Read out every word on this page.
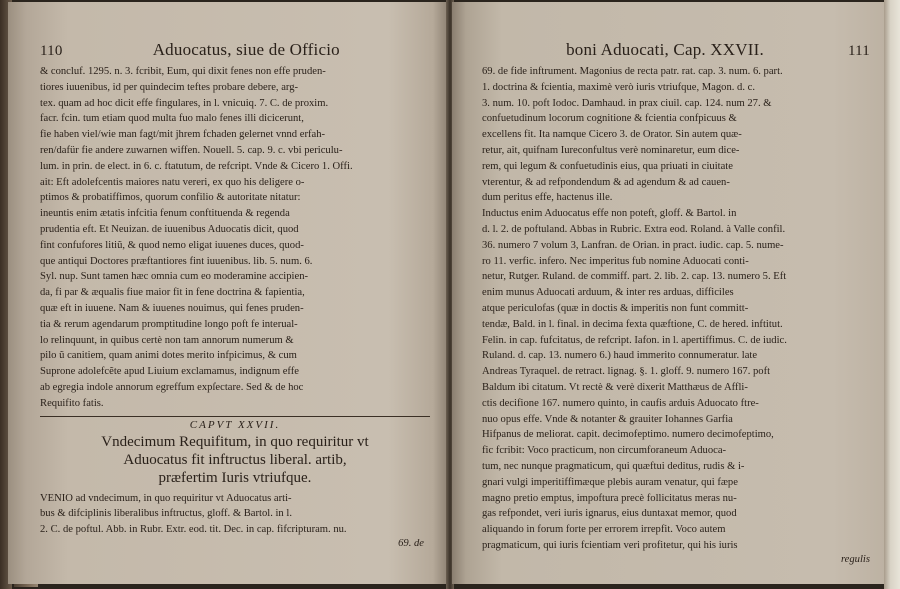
110	Aduocatus, siue de Officio
& concluf. 1295. n. 3. fcribit, Eum, qui dixit fenes non effe pruden-
tiores iuuenibus, id per quindecim teftes probare debere, arg-
tex. quam ad hoc dicit effe fingulares, in l. vnicuiq. 7. C. de proxim.
facr. fcin. tum etiam quod multa fuo malo fenes illi dicicerunt,
fie haben viel/wie man fagt/mit jhrem fchaden gelernet vnnd erfah-
ren/dafür fie andere zuwarnen wiffen. Nouell. 5. cap. 9. c. vbi periculu-
lum. in prin. de elect. in 6. c. ftatutum, de refcript. Vnde & Cicero 1. Offi.
ait: Eft adolefcentis maiores natu vereri, ex quo his deligere o-
ptimos & probatiffimos, quorum confilio & autoritate nitatur:
ineuntis enim ætatis infcitia fenum conftituenda & regenda
prudentia eft. Et Neuizan. de iuuenibus Aduocatis dicit, quod
fint confufores litiũ, & quod nemo eligat iuuenes duces, quod-
que antiqui Doctores præftantiores fint iuuenibus. lib. 5. num. 6.
Syl. nup. Sunt tamen hæc omnia cum eo moderamine accipien-
da, fi par & æqualis fiue maior fit in fene doctrina & fapientia,
quæ eft in iuuene. Nam & iuuenes nouimus, qui fenes pruden-
tia & rerum agendarum promptitudine longo poft fe interual-
lo relinquunt, in quibus certè non tam annorum numerum &
pilo ũ canitiem, quam animi dotes merito infpicimus, & cum
Suprone adolefcẽte apud Liuium exclamamus, indignum effe
ab egregia indole annorum egreffum expſectare. Sed & de hoc
Requifito fatis.
CAPVT XXVII.
Vndecimum Requifitum, in quo requiritur vt
Aduocatus fit inftructus liberal. artib,
præfertim Iuris vtriufque.
VENIO ad vndecimum, in quo requiritur vt Aduocatus arti-
bus & difciplinis liberalibus inftructus, gloff. & Bartol. in l.
2. C. de poftul. Abb. in Rubr. Extr. eod. tit. Dec. in cap. fifcripturam. nu.
69. de
boni Aduocati, Cap. XXVII.	111
69. de fide inftrument. Magonius de recta patr. rat. cap. 3. num. 6. part.
1. doctrina & fcientia, maximè verò iuris vtriufque, Magon. d. c.
3. num. 10. poft Iodoc. Damhaud. in prax ciuil. cap. 124. num 27. &
confuetudinum locorum cognitione & fcientia confpicuus &
excellens fit. Ita namque Cicero 3. de Orator. Sin autem quæ-
retur, ait, quifnam Iureconfultus verè nominaretur, eum dice-
rem, qui legum & confuetudinis eius, qua priuati in ciuitate
vterentur, & ad refpondendum & ad agendum & ad cauen-
dum peritus effe, hactenus ille.
Inductus enim Aduocatus effe non poteft, gloff. & Bartol. in
d. l. 2. de poftuland. Abbas in Rubric. Extra eod. Roland. à Valle confil.
36. numero 7 volum 3, Lanfran. de Orian. in pract. iudic. cap. 5. nume-
ro 11. verfic. infero. Nec imperitus fub nomine Aduocati conti-
netur, Rutger. Ruland. de commiff. part. 2. lib. 2. cap. 13. numero 5. Eft
enim munus Aduocati arduum, & inter res arduas, difficiles
atque periculofas (quæ in doctis & imperitis non funt committ-
tendæ, Bald. in l. final. in decima fexta quæftione, C. de hered. inftitut.
Felin. in cap. fufcitatus, de refcript. Iafon. in l. apertiffimus. C. de iudic.
Ruland. d. cap. 13. numero 6.) haud immerito connumeratur. late
Andreas Tyraquel. de retract. lignag. §. 1. gloff. 9. numero 167. poft
Baldum ibi citatum. Vt rectè & verè dixerit Matthæus de Affli-
ctis decifione 167. numero quinto, in caufis arduis Aduocato ftre-
nuo opus effe. Vnde & notanter & grauiter Iohannes Garfia
Hifpanus de meliorat. capit. decimofeptimo. numero decimofeptimo,
fic fcribit: Voco practicum, non circumforaneum Aduoca-
tum, nec nunque pragmaticum, qui quæftui deditus, rudis & i-
gnari vulgi imperitiffimæque plebis auram venatur, qui fæpe
magno pretio emptus, impoftura precè follicitatus meras nu-
gas refpondet, veri iuris ignarus, eius duntaxat memor, quod
aliquando in forum forte per errorem irrepfit. Voco autem
pragmaticum, qui iuris fcientiam veri profitetur, qui his iuris
regulis
